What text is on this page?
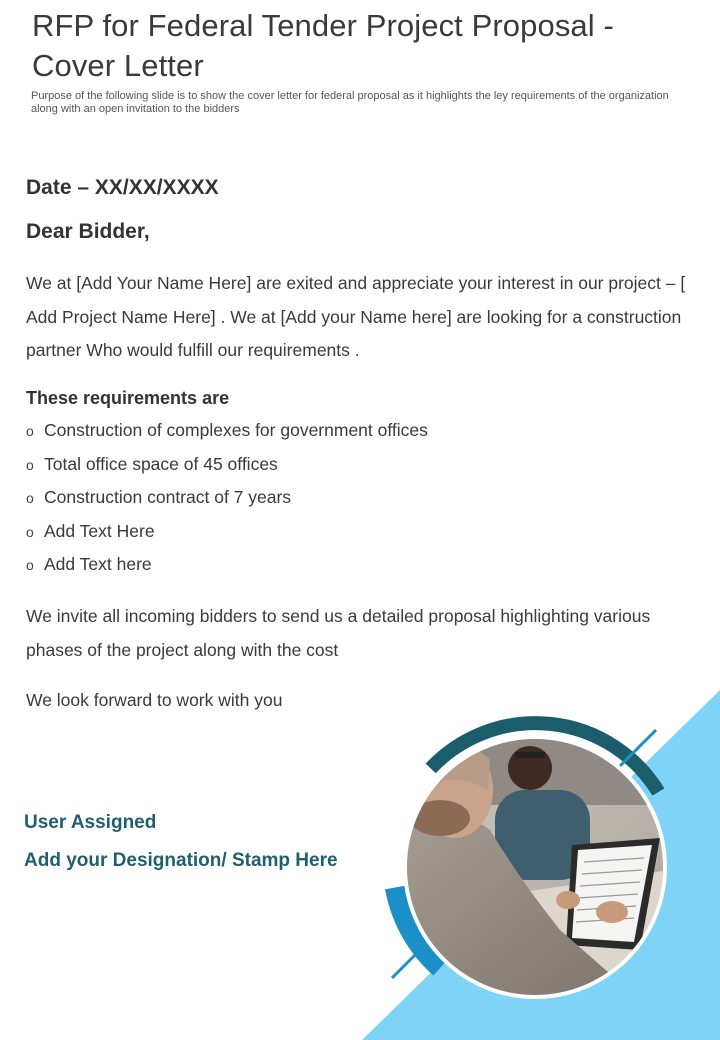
RFP for Federal Tender Project Proposal - Cover Letter
Purpose of the following slide is to show the cover letter for federal proposal as it highlights the ley requirements of the organization along with an open invitation to the bidders
Date – XX/XX/XXXX
Dear Bidder,
We at [Add Your Name Here] are exited and appreciate your interest in our project – [ Add Project Name Here] . We at [Add your Name here] are looking for a construction partner Who would fulfill our requirements .
These requirements are
o Construction of complexes for government offices
o Total office space of 45 offices
o Construction contract of 7 years
o Add Text Here
o Add Text here
We invite all incoming bidders to send us a detailed proposal highlighting various phases of the project along with the cost
We look forward to work with you
User Assigned
Add your Designation/ Stamp Here
